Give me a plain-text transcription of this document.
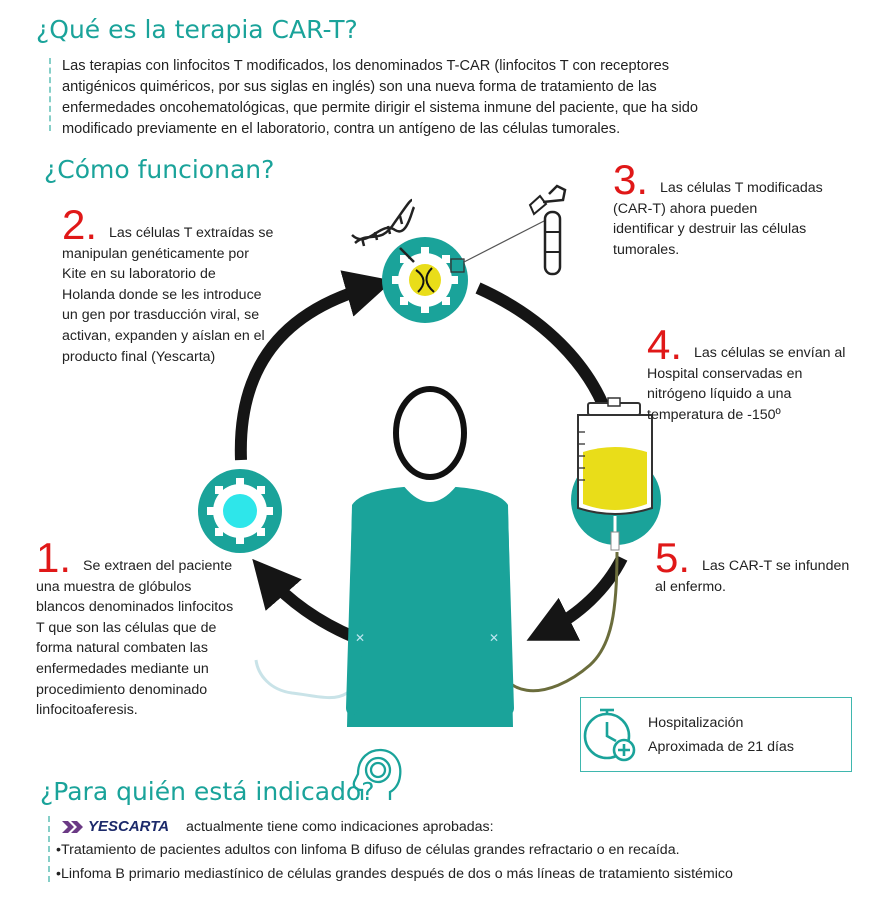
✕	✕
¿Qué es la terapia CAR-T?
Las terapias con linfocitos T modificados, los denominados T-CAR (linfocitos T con receptores
antigénicos quiméricos, por sus siglas en inglés) son una nueva forma de tratamiento de las
enfermedades oncohematológicas, que permite dirigir el sistema inmune del paciente, que ha sido
modificado previamente en el laboratorio, contra un antígeno de las células tumorales.
¿Cómo funcionan?
2. Las células T extraídas se
manipulan genéticamente por
Kite en su laboratorio de
Holanda donde se les introduce
un gen por trasducción viral, se
activan, expanden y aíslan en el
producto final (Yescarta)
3. Las células T modificadas
(CAR-T) ahora pueden
identificar y destruir las células
tumorales.
4. Las células se envían al
Hospital conservadas en
nitrógeno líquido a una
temperatura de -150º
5. Las CAR-T se infunden
al enfermo.
1. Se extraen del paciente
una muestra de glóbulos
blancos denominados linfocitos
T que son las células que de
forma natural combaten las
enfermedades mediante un
procedimiento denominado
linfocitoaferesis.
Hospitalización
Aproximada de 21 días
¿Para quién está indicado?
YESCARTA actualmente tiene como indicaciones aprobadas:
•Tratamiento de pacientes adultos con linfoma B difuso de células grandes refractario o en recaída.
•Linfoma B primario mediastínico de células grandes después de dos o más líneas de tratamiento sistémico
